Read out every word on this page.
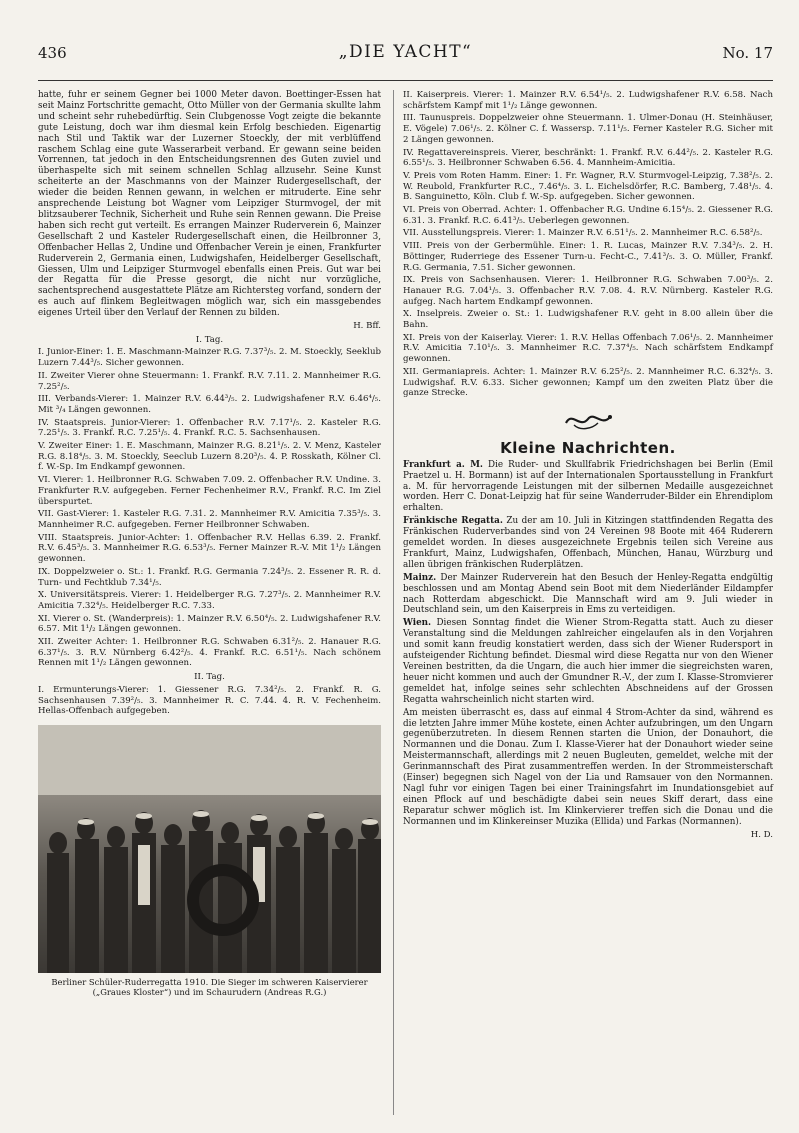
436	„DIE YACHT“	No. 17

hatte, fuhr er seinem Gegner bei 1000 Meter davon. Boettinger-Essen hat seit Mainz Fortschritte gemacht, Otto Müller von der Germania skullte lahm und scheint sehr ruhebedürftig. Sein Clubgenosse Vogt zeigte die bekannte gute Leistung, doch war ihm diesmal kein Erfolg beschieden. Eigenartig nach Stil und Taktik war der Luzerner Stoeckly, der mit verblüffend raschem Schlag eine gute Wasserarbeit verband. Er gewann seine beiden Vorrennen, tat jedoch in den Entscheidungsrennen des Guten zuviel und überhaspelte sich mit seinem schnellen Schlag allzusehr. Seine Kunst scheiterte an der Maschmanns von der Mainzer Rudergesellschaft, der wieder die beiden Rennen gewann, in welchen er mitruderte. Eine sehr ansprechende Leistung bot Wagner vom Leipziger Sturmvogel, der mit blitzsauberer Technik, Sicherheit und Ruhe sein Rennen gewann. Die Preise haben sich recht gut verteilt. Es errangen Mainzer Ruderverein 6, Mainzer Gesellschaft 2 und Kasteler Rudergesellschaft einen, die Heilbronner 3, Offenbacher Hellas 2, Undine und Offenbacher Verein je einen, Frankfurter Ruderverein 2, Germania einen, Ludwigshafen, Heidelberger Gesellschaft, Giessen, Ulm und Leipziger Sturmvogel ebenfalls einen Preis. Gut war bei der Regatta für die Presse gesorgt, die nicht nur vorzügliche, sachentsprechend ausgestattete Plätze am Richtersteg vorfand, sondern der es auch auf flinkem Begleitwagen möglich war, sich ein massgebendes eigenes Urteil über den Verlauf der Rennen zu bilden.

H. Bff.

I. Tag.

I. Junior-Einer: 1. E. Maschmann-Mainzer R.G. 7.37³/₅. 2. M. Stoeckly, Seeklub Luzern 7.44³/₅. Sicher gewonnen.

II. Zweiter Vierer ohne Steuermann: 1. Frankf. R.V. 7.11. 2. Mannheimer R.G. 7.25²/₅.

III. Verbands-Vierer: 1. Mainzer R.V. 6.44³/₅. 2. Ludwigshafener R.V. 6.46⁴/₅. Mit ³/₄ Längen gewonnen.

IV. Staatspreis. Junior-Vierer: 1. Offenbacher R.V. 7.17¹/₅. 2. Kasteler R.G. 7.25¹/₅. 3. Frankf. R.C. 7.25¹/₅. 4. Frankf. R.C. 5. Sachsenhausen.

V. Zweiter Einer: 1. E. Maschmann, Mainzer R.G. 8.21¹/₅. 2. V. Menz, Kasteler R.G. 8.18⁴/₅. 3. M. Stoeckly, Seeclub Luzern 8.20³/₅. 4. P. Rosskath, Kölner Cl. f. W.-Sp. Im Endkampf gewonnen.

VI. Vierer: 1. Heilbronner R.G. Schwaben 7.09. 2. Offenbacher R.V. Undine. 3. Frankfurter R.V. aufgegeben. Ferner Fechenheimer R.V., Frankf. R.C. Im Ziel überspurtet.

VII. Gast-Vierer: 1. Kasteler R.G. 7.31. 2. Mannheimer R.V. Amicitia 7.35³/₅. 3. Mannheimer R.C. aufgegeben. Ferner Heilbronner Schwaben.

VIII. Staatspreis. Junior-Achter: 1. Offenbacher R.V. Hellas 6.39. 2. Frankf. R.V. 6.45³/₅. 3. Mannheimer R.G. 6.53³/₅. Ferner Mainzer R.-V. Mit 1¹/₂ Längen gewonnen.

IX. Doppelzweier o. St.: 1. Frankf. R.G. Germania 7.24³/₅. 2. Essener R. R. d. Turn- und Fechtklub 7.34¹/₅.

X. Universitätspreis. Vierer: 1. Heidelberger R.G. 7.27³/₅. 2. Mannheimer R.V. Amicitia 7.32⁴/₅. Heidelberger R.C. 7.33.

XI. Vierer o. St. (Wanderpreis): 1. Mainzer R.V. 6.50⁴/₅. 2. Ludwigshafener R.V. 6.57. Mit 1¹/₂ Längen gewonnen.

XII. Zweiter Achter: 1. Heilbronner R.G. Schwaben 6.31²/₅. 2. Hanauer R.G. 6.37¹/₅. 3. R.V. Nürnberg 6.42²/₅. 4. Frankf. R.C. 6.51¹/₅. Nach schönem Rennen mit 1¹/₂ Längen gewonnen.

II. Tag.

I. Ermunterungs-Vierer: 1. Giessener R.G. 7.34²/₅. 2. Frankf. R. G. Sachsenhausen 7.39²/₅. 3. Mannheimer R. C. 7.44. 4. R. V. Fechenheim. Hellas-Offenbach aufgegeben.

Berliner Schüler-Ruderregatta 1910. Die Sieger im schweren Kaiservierer („Graues Kloster“) und im Schaurudern (Andreas R.G.)

II. Kaiserpreis. Vierer: 1. Mainzer R.V. 6.54¹/₅. 2. Ludwigshafener R.V. 6.58. Nach schärfstem Kampf mit 1¹/₂ Länge gewonnen.

III. Taunuspreis. Doppelzweier ohne Steuermann. 1. Ulmer-Donau (H. Steinhäuser, E. Vögele) 7.06¹/₅. 2. Kölner C. f. Wassersp. 7.11¹/₅. Ferner Kasteler R.G. Sicher mit 2 Längen gewonnen.

IV. Regattavereinspreis. Vierer, beschränkt: 1. Frankf. R.V. 6.44²/₅. 2. Kasteler R.G. 6.55¹/₅. 3. Heilbronner Schwaben 6.56. 4. Mannheim-Amicitia.

V. Preis vom Roten Hamm. Einer: 1. Fr. Wagner, R.V. Sturmvogel-Leipzig, 7.38²/₅. 2. W. Reubold, Frankfurter R.C., 7.46⁴/₅. 3. L. Eichelsdörfer, R.C. Bamberg, 7.48¹/₅. 4. B. Sanguinetto, Köln. Club f. W.-Sp. aufgegeben. Sicher gewonnen.

VI. Preis von Oberrad. Achter: 1. Offenbacher R.G. Undine 6.15⁴/₅. 2. Giessener R.G. 6.31. 3. Frankf. R.C. 6.41³/₅. Ueberlegen gewonnen.

VII. Ausstellungspreis. Vierer: 1. Mainzer R.V. 6.51¹/₅. 2. Mannheimer R.C. 6.58²/₅.

VIII. Preis von der Gerbermühle. Einer: 1. R. Lucas, Mainzer R.V. 7.34³/₅. 2. H. Böttinger, Ruderriege des Essener Turn-u. Fecht-C., 7.41³/₅. 3. O. Müller, Frankf. R.G. Germania, 7.51. Sicher gewonnen.

IX. Preis von Sachsenhausen. Vierer: 1. Heilbronner R.G. Schwaben 7.00³/₅. 2. Hanauer R.G. 7.04¹/₅. 3. Offenbacher R.V. 7.08. 4. R.V. Nürnberg. Kasteler R.G. aufgeg. Nach hartem Endkampf gewonnen.

X. Inselpreis. Zweier o. St.: 1. Ludwigshafener R.V. geht in 8.00 allein über die Bahn.

XI. Preis von der Kaiserlay. Vierer: 1. R.V. Hellas Offenbach 7.06¹/₅. 2. Mannheimer R.V. Amicitia 7.10¹/₅. 3. Mannheimer R.C. 7.37⁴/₅. Nach schärfstem Endkampf gewonnen.

XII. Germaniapreis. Achter: 1. Mainzer R.V. 6.25²/₅. 2. Mannheimer R.C. 6.32⁴/₅. 3. Ludwigshaf. R.V. 6.33. Sicher gewonnen; Kampf um den zweiten Platz über die ganze Strecke.

Kleine Nachrichten.

Frankfurt a. M. Die Ruder- und Skullfabrik Friedrichshagen bei Berlin (Emil Praetzel u. H. Bormann) ist auf der Internationalen Sportausstellung in Frankfurt a. M. für hervorragende Leistungen mit der silbernen Medaille ausgezeichnet worden. Herr C. Donat-Leipzig hat für seine Wanderruder-Bilder ein Ehrendiplom erhalten.

Fränkische Regatta. Zu der am 10. Juli in Kitzingen stattfindenden Regatta des Fränkischen Ruderverbandes sind von 24 Vereinen 98 Boote mit 464 Ruderern gemeldet worden. In dieses ausgezeichnete Ergebnis teilen sich Vereine aus Frankfurt, Mainz, Ludwigshafen, Offenbach, München, Hanau, Würzburg und allen übrigen fränkischen Ruderplätzen.

Mainz. Der Mainzer Ruderverein hat den Besuch der Henley-Regatta endgültig beschlossen und am Montag Abend sein Boot mit dem Niederländer Eildampfer nach Rotterdam abgeschickt. Die Mannschaft wird am 9. Juli wieder in Deutschland sein, um den Kaiserpreis in Ems zu verteidigen.

Wien. Diesen Sonntag findet die Wiener Strom-Regatta statt. Auch zu dieser Veranstaltung sind die Meldungen zahlreicher eingelaufen als in den Vorjahren und somit kann freudig konstatiert werden, dass sich der Wiener Rudersport in aufsteigender Richtung befindet. Diesmal wird diese Regatta nur von den Wiener Vereinen bestritten, da die Ungarn, die auch hier immer die siegreichsten waren, heuer nicht kommen und auch der Gmundner R.-V., der zum I. Klasse-Stromvierer gemeldet hat, infolge seines sehr schlechten Abschneidens auf der Grossen Regatta wahrscheinlich nicht starten wird.

Am meisten überrascht es, dass auf einmal 4 Strom-Achter da sind, während es die letzten Jahre immer Mühe kostete, einen Achter aufzubringen, um den Ungarn gegenüberzutreten. In diesem Rennen starten die Union, der Donauhort, die Normannen und die Donau. Zum I. Klasse-Vierer hat der Donauhort wieder seine Meistermannschaft, allerdings mit 2 neuen Bugleuten, gemeldet, welche mit der Gerinmannschaft des Pirat zusammentreffen werden. In der Strommeisterschaft (Einser) begegnen sich Nagel von der Lia und Ramsauer von den Normannen. Nagl fuhr vor einigen Tagen bei einer Trainingsfahrt im Inundationsgebiet auf einen Pflock auf und beschädigte dabei sein neues Skiff derart, dass eine Reparatur schwer möglich ist. Im Klinkervierer treffen sich die Donau und die Normannen und im Klinkereinser Muzika (Ellida) und Farkas (Normannen).

H. D.
